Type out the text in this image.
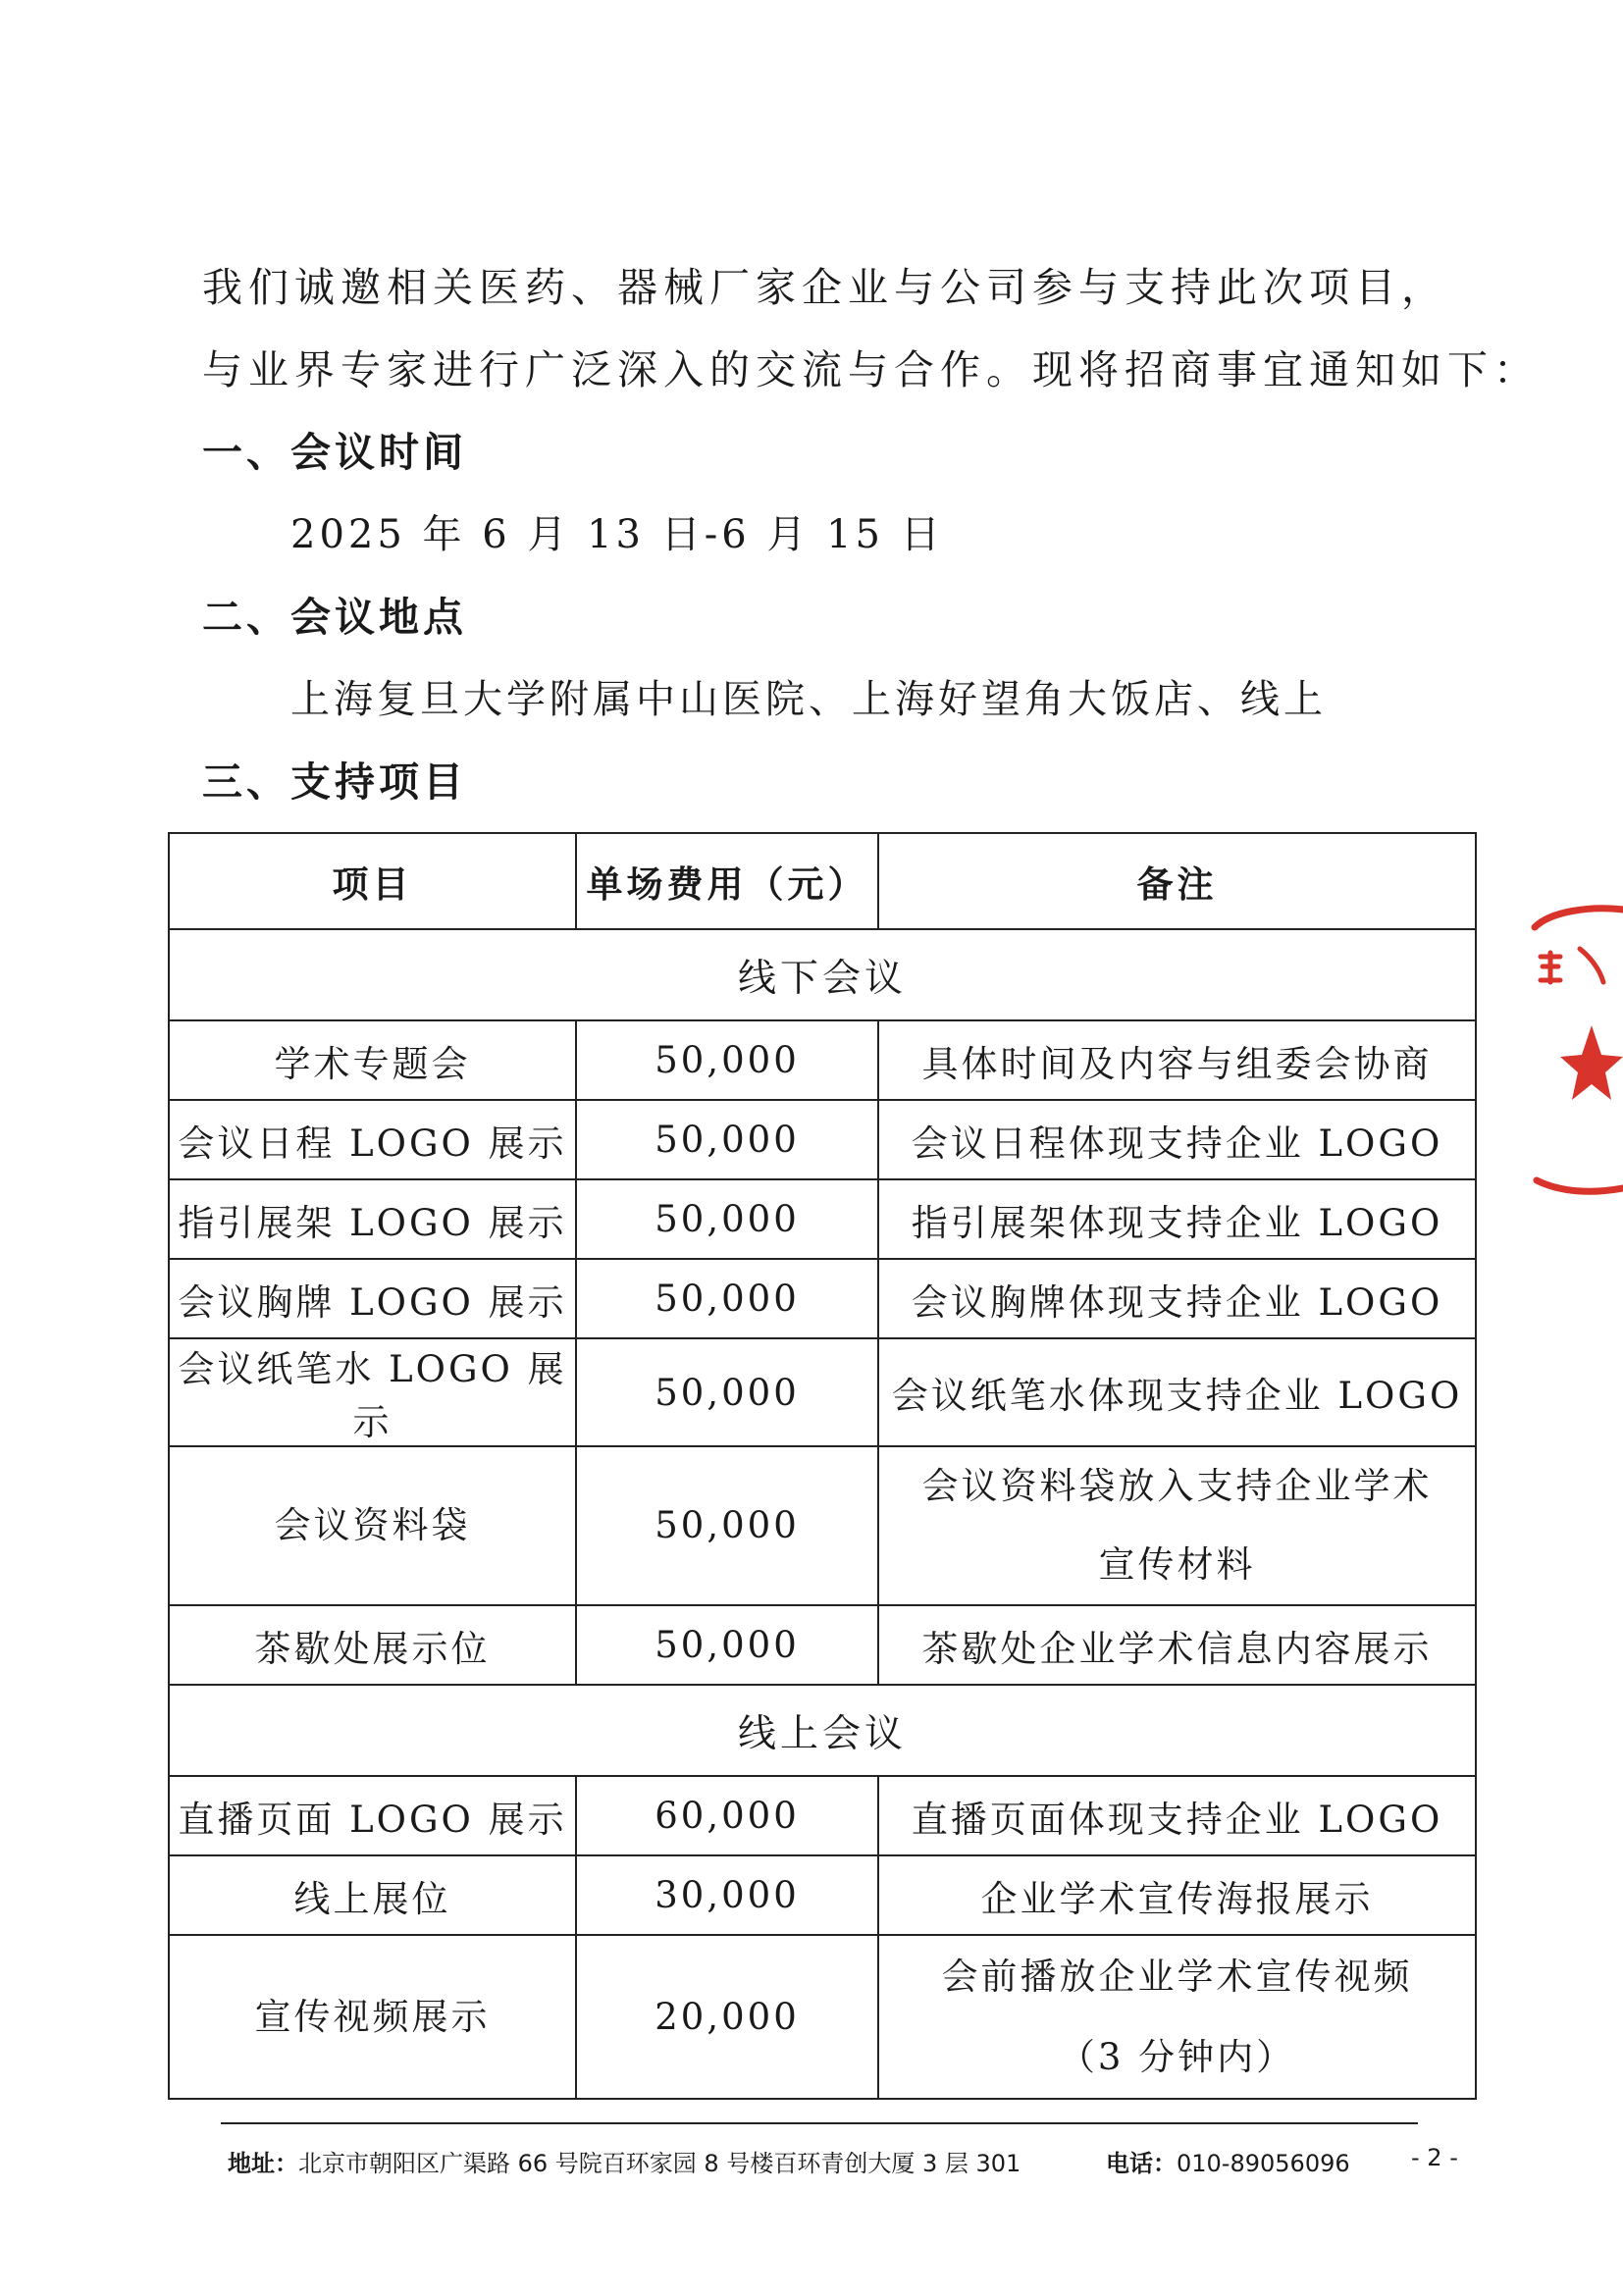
我们诚邀相关医药、器械厂家企业与公司参与支持此次项目，
与业界专家进行广泛深入的交流与合作。现将招商事宜通知如下：
一、会议时间
2025 年 6 月 13 日-6 月 15 日
二、会议地点
上海复旦大学附属中山医院、上海好望角大饭店、线上
三、支持项目
项目	单场费用（元）	备注
线下会议		
学术专题会	50,000	具体时间及内容与组委会协商
会议日程 LOGO 展示	50,000	会议日程体现支持企业 LOGO
指引展架 LOGO 展示	50,000	指引展架体现支持企业 LOGO
会议胸牌 LOGO 展示	50,000	会议胸牌体现支持企业 LOGO
会议纸笔水 LOGO 展示	50,000	会议纸笔水体现支持企业 LOGO
会议资料袋	50,000	会议资料袋放入支持企业学术
宣传材料

茶歇处展示位	50,000	茶歇处企业学术信息内容展示
线上会议		
直播页面 LOGO 展示	60,000	直播页面体现支持企业 LOGO
线上展位	30,000	企业学术宣传海报展示
宣传视频展示	20,000	会前播放企业学术宣传视频
（3 分钟内）
地址：北京市朝阳区广渠路 66 号院百环家园 8 号楼百环青创大厦 3 层 301	电话：010-89056096	- 2 -
